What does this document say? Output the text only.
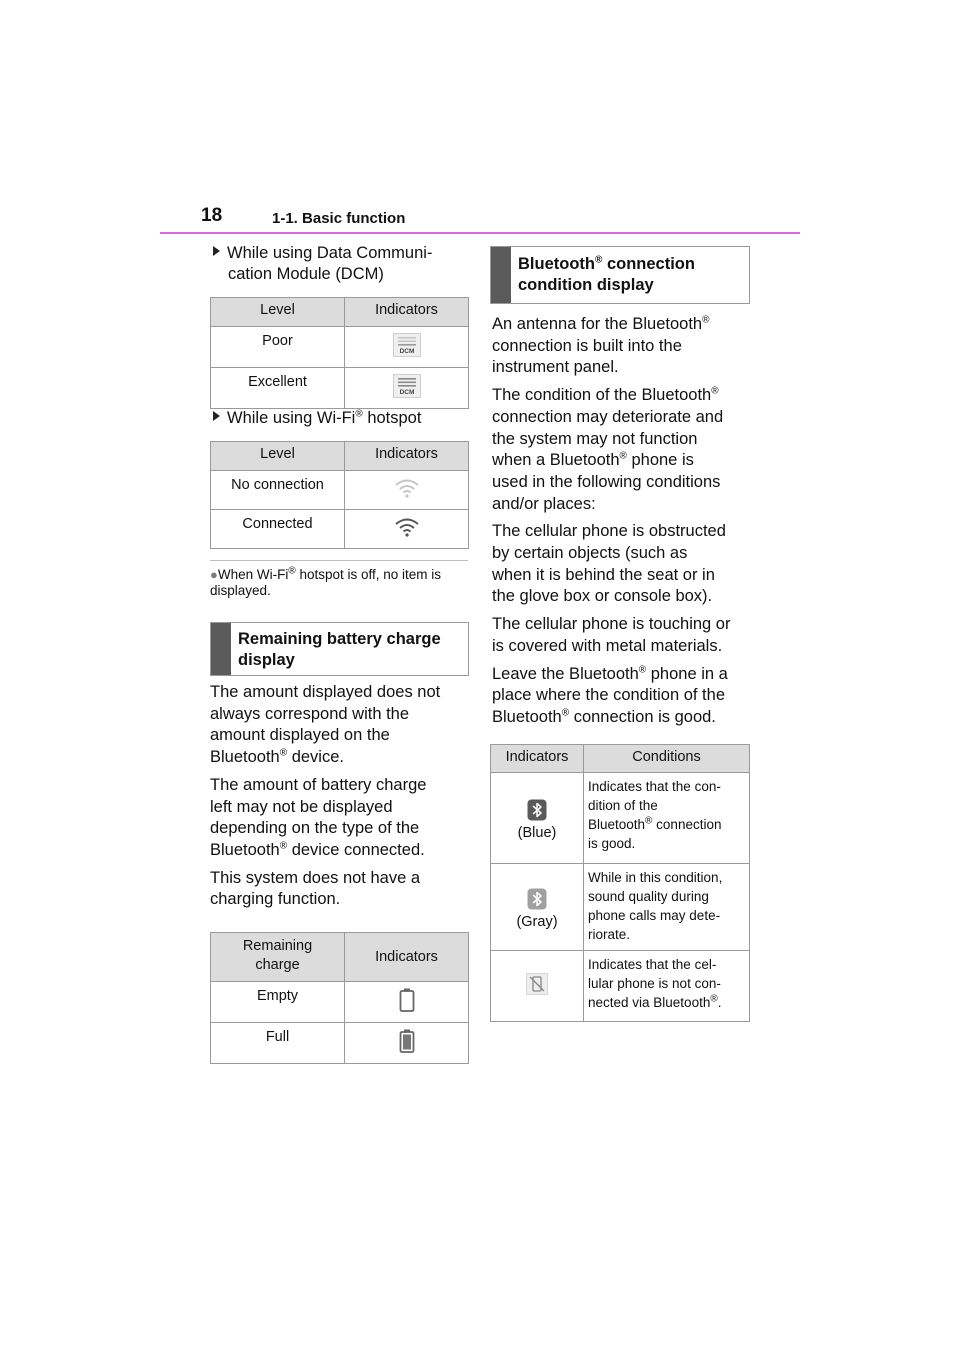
18	1-1. Basic function
While using Data Communi-
cation Module (DCM)
Level	Indicators
Poor	DCM

Excellent	DCM
While using Wi-Fi® hotspot
Level	Indicators
No connection	
Connected	
●When Wi-Fi® hotspot is off, no item is displayed.
Remaining battery charge display

The amount displayed does not
always correspond with the
amount displayed on the
Bluetooth® device.

The amount of battery charge
left may not be displayed
depending on the type of the
Bluetooth® device connected.

This system does not have a
charging function.

Remaining
charge	Indicators
Empty	
Full	
Bluetooth® connection
condition display

An antenna for the Bluetooth®
connection is built into the
instrument panel.

The condition of the Bluetooth®
connection may deteriorate and
the system may not function
when a Bluetooth® phone is
used in the following conditions
and/or places:

The cellular phone is obstructed
by certain objects (such as
when it is behind the seat or in
the glove box or console box).

The cellular phone is touching or
is covered with metal materials.

Leave the Bluetooth® phone in a
place where the condition of the
Bluetooth® connection is good.

Indicators	Conditions

(Blue)	Indicates that the con-
dition of the
Bluetooth® connection
is good.

(Gray)	While in this condition,
sound quality during
phone calls may dete-
riorate.
	Indicates that the cel-
lular phone is not con-
nected via Bluetooth®.
